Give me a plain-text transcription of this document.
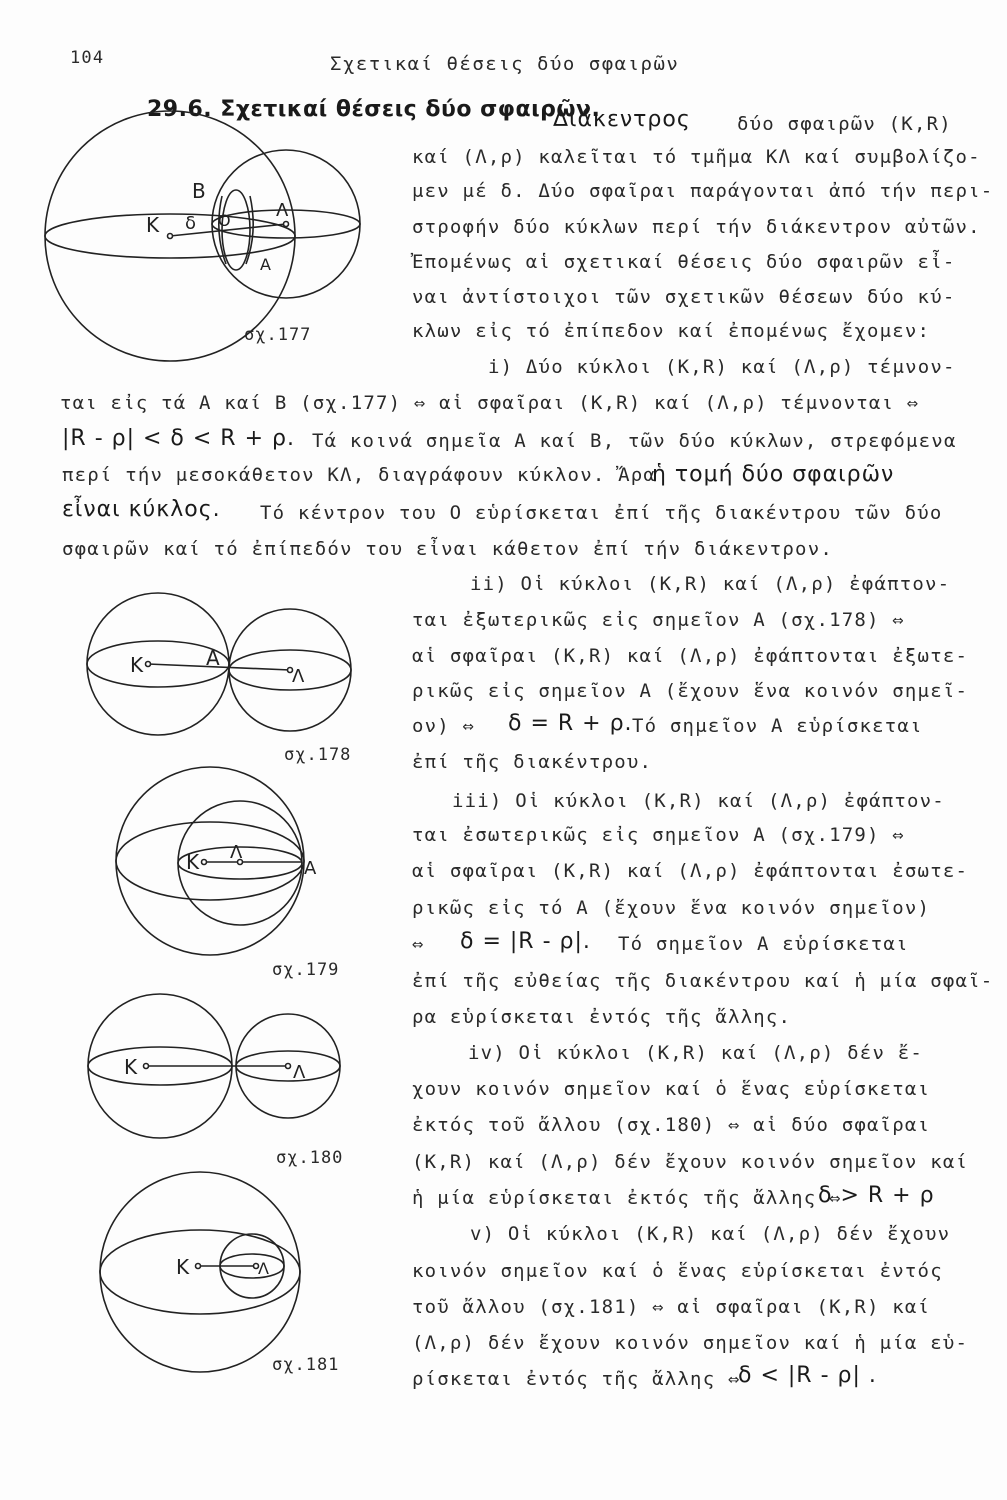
104	Σχετικαί θέσεις δύο σφαιρῶν
29.6. Σχετικαί θέσεις δύο σφαιρῶν.
Διάκεντρος δύο σφαιρῶν (Κ,R)
καί (Λ,ρ) καλεῖται τό τμῆμα ΚΛ καί συμβολίζο-
μεν μέ δ. Δύο σφαῖραι παράγονται ἀπό τήν περι-
στροφήν δύο κύκλων περί τήν διάκεντρον αὐτῶν.
Ἐπομένως αἱ σχετικαί θέσεις δύο σφαιρῶν εἶ-
ναι ἀντίστοιχοι τῶν σχετικῶν θέσεων δύο κύ-
κλων εἰς τό ἐπίπεδον καί ἐπομένως ἔχομεν:
i) Δύο κύκλοι (Κ,R) καί (Λ,ρ) τέμνον-
ται εἰς τά Α καί Β (σχ.177) ⇔ αἱ σφαῖραι (Κ,R) καί (Λ,ρ) τέμνονται ⇔
|R - ρ| < δ < R + ρ. Τά κοινά σημεῖα Α καί Β, τῶν δύο κύκλων, στρεφόμενα
περί τήν μεσοκάθετον ΚΛ, διαγράφουν κύκλον. Ἄρα
ἡ τομή δύο σφαιρῶν
εἶναι κύκλος. Τό κέντρον του Ο εὑρίσκεται ἐπί τῆς διακέντρου τῶν δύο
σφαιρῶν καί τό ἐπίπεδόν του εἶναι κάθετον ἐπί τήν διάκεντρον.
ii) Οἱ κύκλοι (Κ,R) καί (Λ,ρ) ἐφάπτον-
ται ἐξωτερικῶς εἰς σημεῖον Α (σχ.178) ⇔
αἱ σφαῖραι (Κ,R) καί (Λ,ρ) ἐφάπτονται ἐξωτε-
ρικῶς εἰς σημεῖον Α (ἔχουν ἕνα κοινόν σημεῖ-
ον) ⇔ δ = R + ρ. Τό σημεῖον Α εὑρίσκεται
ἐπί τῆς διακέντρου.
iii) Οἱ κύκλοι (Κ,R) καί (Λ,ρ) ἐφάπτον-
ται ἐσωτερικῶς εἰς σημεῖον Α (σχ.179) ⇔
αἱ σφαῖραι (Κ,R) καί (Λ,ρ) ἐφάπτονται ἐσωτε-
ρικῶς εἰς τό Α (ἔχουν ἕνα κοινόν σημεῖον)
⇔ δ = |R - ρ|. Τό σημεῖον Α εὑρίσκεται
ἐπί τῆς εὐθείας τῆς διακέντρου καί ἡ μία σφαῖ-
ρα εὑρίσκεται ἐντός τῆς ἄλλης.
iv) Οἱ κύκλοι (Κ,R) καί (Λ,ρ) δέν ἔ-
χουν κοινόν σημεῖον καί ὁ ἕνας εὑρίσκεται
ἐκτός τοῦ ἄλλου (σχ.180) ⇔ αἱ δύο σφαῖραι
(Κ,R) καί (Λ,ρ) δέν ἔχουν κοινόν σημεῖον καί
ἡ μία εὑρίσκεται ἐκτός τῆς ἄλλης ⇔
δ > R + ρ
v) Οἱ κύκλοι (Κ,R) καί (Λ,ρ) δέν ἔχουν
κοινόν σημεῖον καί ὁ ἕνας εὑρίσκεται ἐντός
τοῦ ἄλλου (σχ.181) ⇔ αἱ σφαῖραι (Κ,R) καί
(Λ,ρ) δέν ἔχουν κοινόν σημεῖον καί ἡ μία εὑ-
ρίσκεται ἐντός τῆς ἄλλης ⇔
δ < |R - ρ| .
σχ.177
σχ.178
σχ.179
σχ.180
σχ.181
Β
Κ δ Ο	Λ
Α
Κ	Α
Λ
Κ Λ
Α
Κ	Λ
Κ	Λ
